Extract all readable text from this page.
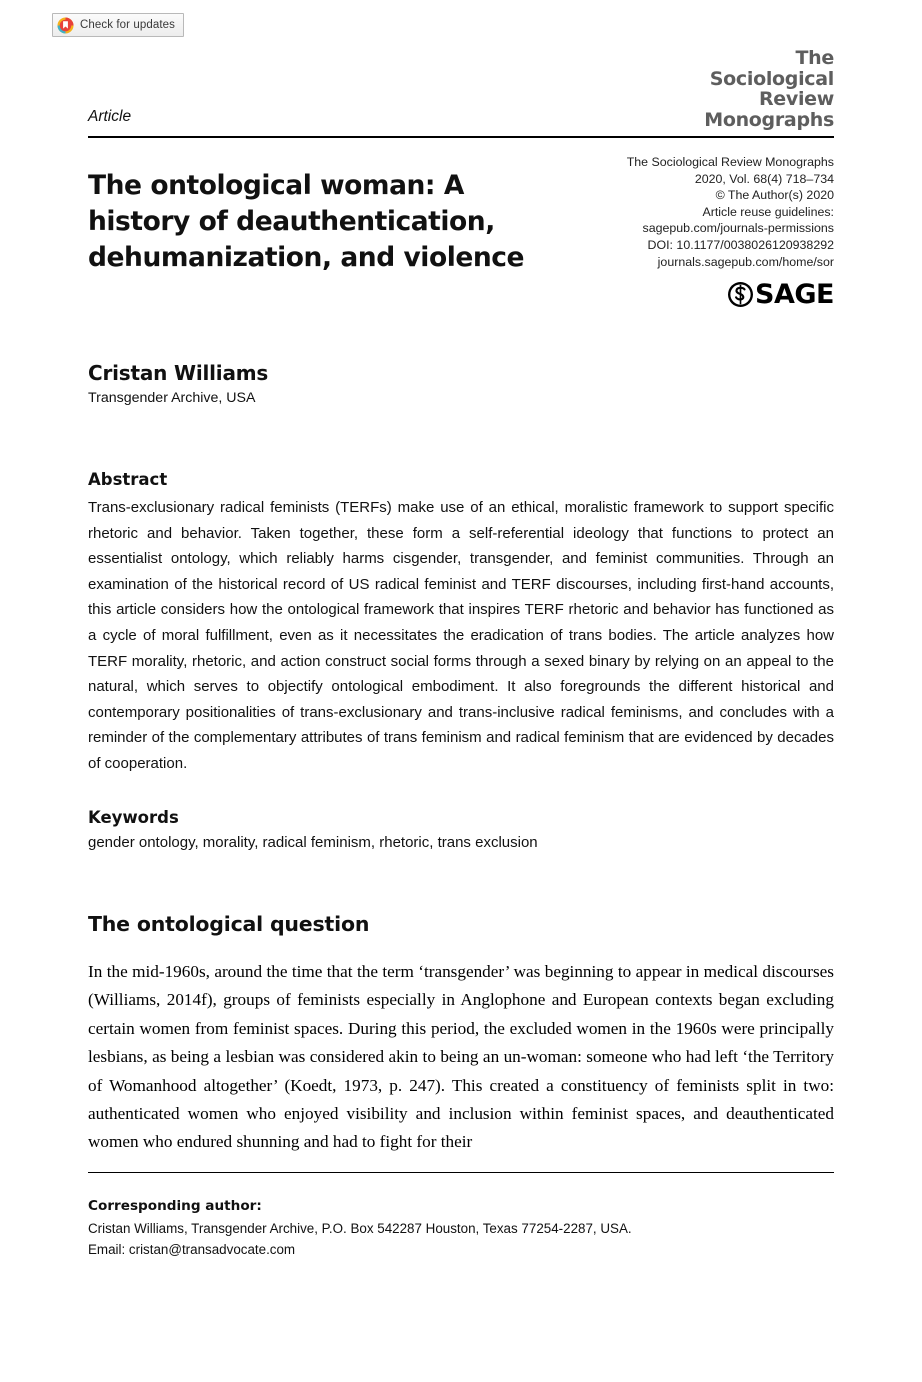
Check for updates
The
Sociological
Review
Monographs
Article
The ontological woman: A history of deauthentication, dehumanization, and violence
The Sociological Review Monographs
2020, Vol. 68(4) 718–734
© The Author(s) 2020
Article reuse guidelines:
sagepub.com/journals-permissions
DOI: 10.1177/0038026120938292
journals.sagepub.com/home/sor
SAGE
Cristan Williams
Transgender Archive, USA
Abstract
Trans-exclusionary radical feminists (TERFs) make use of an ethical, moralistic framework to support specific rhetoric and behavior. Taken together, these form a self-referential ideology that functions to protect an essentialist ontology, which reliably harms cisgender, transgender, and feminist communities. Through an examination of the historical record of US radical feminist and TERF discourses, including first-hand accounts, this article considers how the ontological framework that inspires TERF rhetoric and behavior has functioned as a cycle of moral fulfillment, even as it necessitates the eradication of trans bodies. The article analyzes how TERF morality, rhetoric, and action construct social forms through a sexed binary by relying on an appeal to the natural, which serves to objectify ontological embodiment. It also foregrounds the different historical and contemporary positionalities of trans-exclusionary and trans-inclusive radical feminisms, and concludes with a reminder of the complementary attributes of trans feminism and radical feminism that are evidenced by decades of cooperation.
Keywords
gender ontology, morality, radical feminism, rhetoric, trans exclusion
The ontological question
In the mid-1960s, around the time that the term ‘transgender’ was beginning to appear in medical discourses (Williams, 2014f), groups of feminists especially in Anglophone and European contexts began excluding certain women from feminist spaces. During this period, the excluded women in the 1960s were principally lesbians, as being a lesbian was considered akin to being an un-woman: someone who had left ‘the Territory of Womanhood altogether’ (Koedt, 1973, p. 247). This created a constituency of feminists split in two: authenticated women who enjoyed visibility and inclusion within feminist spaces, and deauthenticated women who endured shunning and had to fight for their
Corresponding author:
Cristan Williams, Transgender Archive, P.O. Box 542287 Houston, Texas 77254-2287, USA.
Email: cristan@transadvocate.com
